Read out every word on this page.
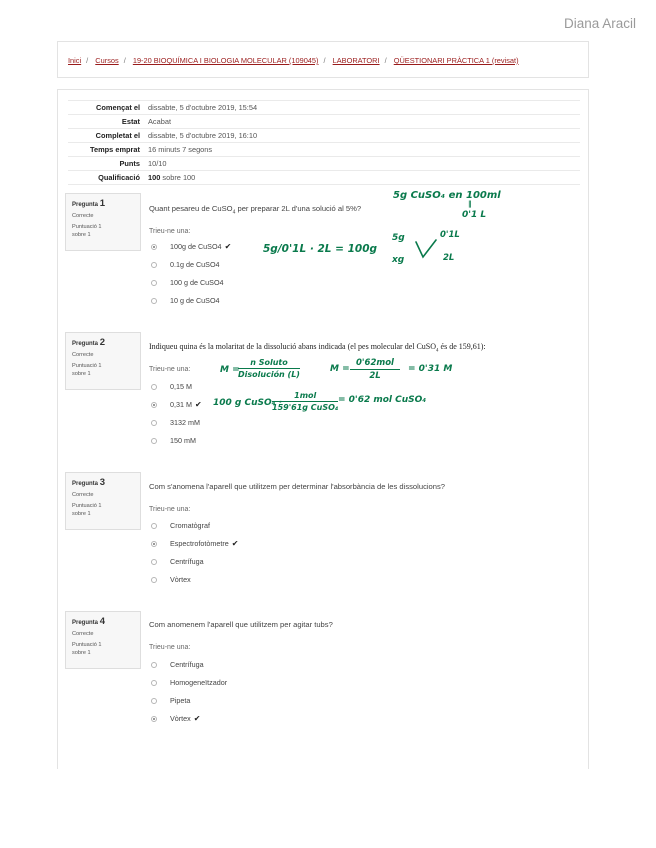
Diana Aracil
Inici / Cursos / 19-20 BIOQUÍMICA I BIOLOGIA MOLECULAR (109045) / LABORATORI / QÜESTIONARI PRÀCTICA 1 (revisat)
Començat el	dissabte, 5 d'octubre 2019, 15:54
Estat	Acabat
Completat el	dissabte, 5 d'octubre 2019, 16:10
Temps emprat	16 minuts 7 segons
Punts	10/10
Qualificació	100 sobre 100
Pregunta 1
Correcte
Puntuació 1
sobre 1
Quant pesareu de CuSO$_4$ per preparar 2L d'una solució al 5%?
Trieu-ne una:
100g de CuSO4 ✔
0.1g de CuSO4
100 g de CuSO4
10 g de CuSO4
5g CuSO₄ en 100ml
‖
0'1 L
5g/0'1L · 2L = 100g
5g
xg
0'1L
2L
Pregunta 2
Correcte
Puntuació 1
sobre 1
Indiqueu quina és la molaritat de la dissolució abans indicada (el pes molecular del CuSO$_4$ és de 159,61):
Trieu-ne una:
0,15 M
0,31 M ✔
3132 mM
150 mM
M =
n Soluto
Disolución (L)
M =
0'62mol
2L
= 0'31 M
100 g CuSO₄ ·
1mol
159'61g CuSO₄
= 0'62 mol CuSO₄
Pregunta 3
Correcte
Puntuació 1
sobre 1
Com s'anomena l'aparell que utilitzem per determinar l'absorbància de les dissolucions?
Trieu-ne una:
Cromatògraf
Espectrofotòmetre ✔
Centrífuga
Vòrtex
Pregunta 4
Correcte
Puntuació 1
sobre 1
Com anomenem l'aparell que utilitzem per agitar tubs?
Trieu-ne una:
Centrífuga
Homogeneïtzador
Pipeta
Vòrtex ✔
